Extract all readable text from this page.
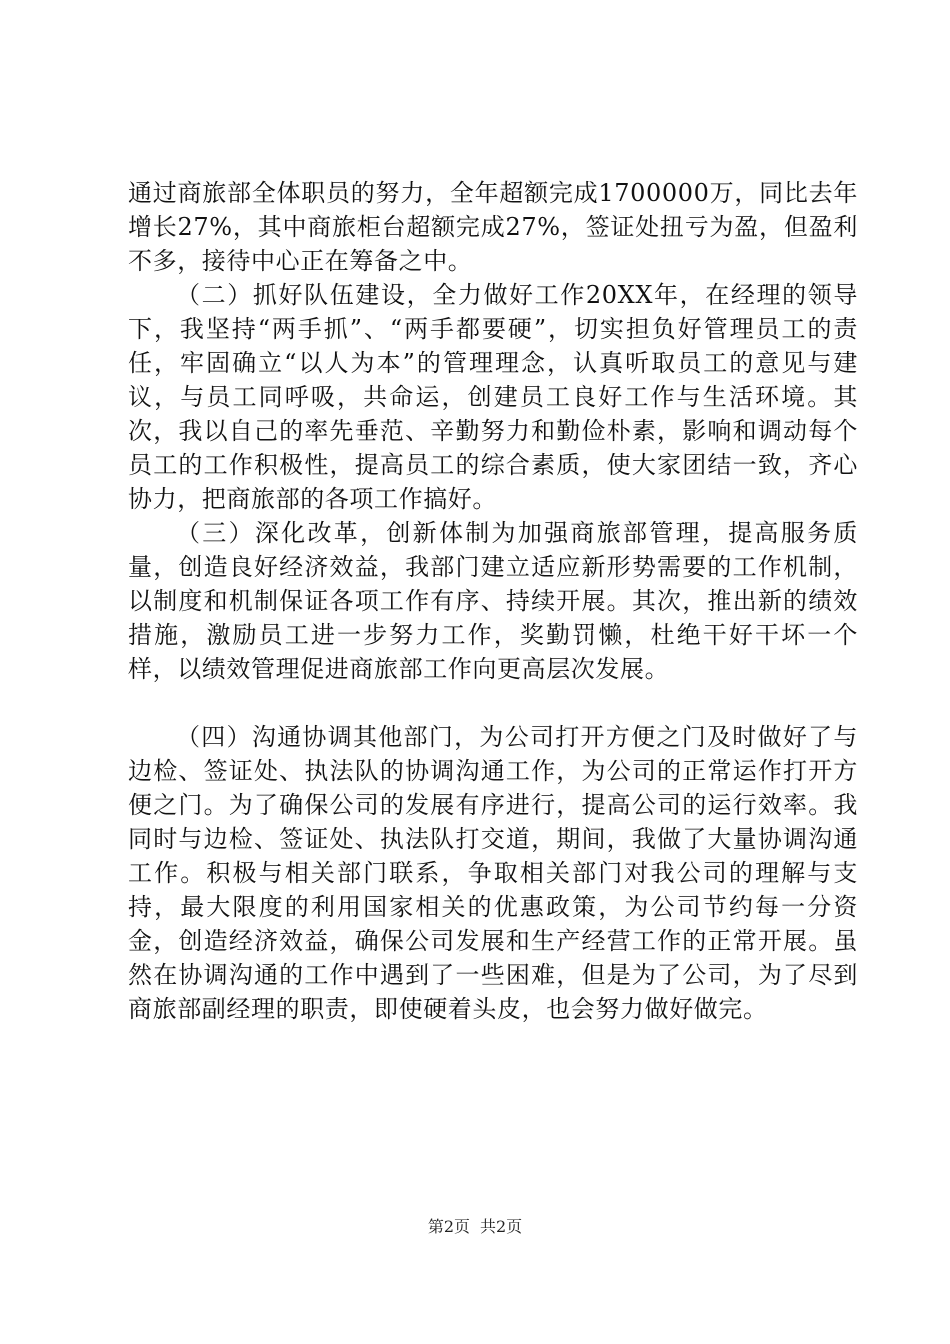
通过商旅部全体职员的努力，全年超额完成1700000万，同比去年增长27%，其中商旅柜台超额完成27%，签证处扭亏为盈，但盈利不多，接待中心正在筹备之中。

（二）抓好队伍建设，全力做好工作20XX年，在经理的领导下，我坚持“两手抓”、“两手都要硬”，切实担负好管理员工的责任，牢固确立“以人为本”的管理理念，认真听取员工的意见与建议，与员工同呼吸，共命运，创建员工良好工作与生活环境。其次，我以自己的率先垂范、辛勤努力和勤俭朴素，影响和调动每个员工的工作积极性，提高员工的综合素质，使大家团结一致，齐心协力，把商旅部的各项工作搞好。

（三）深化改革，创新体制为加强商旅部管理，提高服务质量，创造良好经济效益，我部门建立适应新形势需要的工作机制，以制度和机制保证各项工作有序、持续开展。其次，推出新的绩效措施，激励员工进一步努力工作，奖勤罚懒，杜绝干好干坏一个样，以绩效管理促进商旅部工作向更高层次发展。

（四）沟通协调其他部门，为公司打开方便之门及时做好了与边检、签证处、执法队的协调沟通工作，为公司的正常运作打开方便之门。为了确保公司的发展有序进行，提高公司的运行效率。我同时与边检、签证处、执法队打交道，期间，我做了大量协调沟通工作。积极与相关部门联系，争取相关部门对我公司的理解与支持，最大限度的利用国家相关的优惠政策，为公司节约每一分资金，创造经济效益，确保公司发展和生产经营工作的正常开展。虽然在协调沟通的工作中遇到了一些困难，但是为了公司，为了尽到商旅部副经理的职责，即使硬着头皮，也会努力做好做完。

第2页 共2页
